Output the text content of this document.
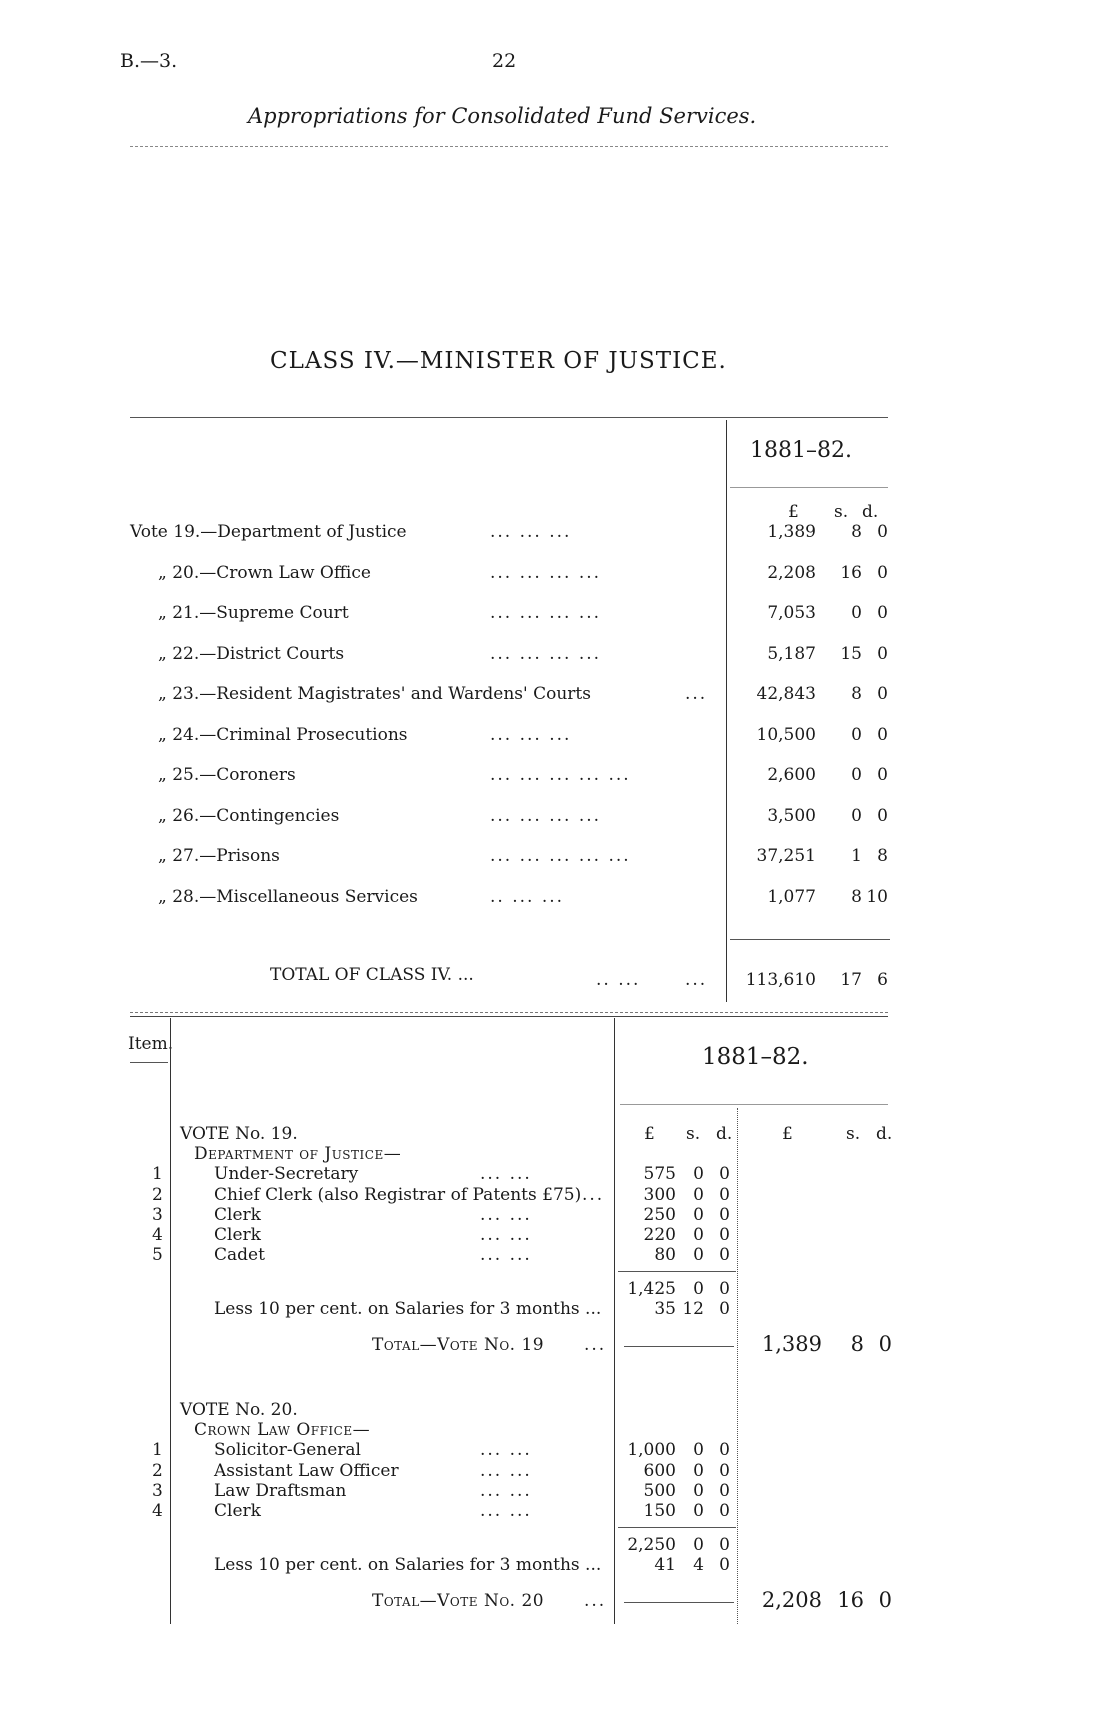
B.—3.	22
Appropriations for Consolidated Fund Services.
CLASS IV.—MINISTER OF JUSTICE.
1881–82.
£ s. d.
Vote 19.—Department of Justice	... ... ...	1,389 8 0
„ 20.—Crown Law Office	... ... ... ...	2,208 16 0
„ 21.—Supreme Court	... ... ... ...	7,053 0 0
„ 22.—District Courts	... ... ... ...	5,187 15 0
„ 23.—Resident Magistrates' and Wardens' Courts	...	42,843 8 0
„ 24.—Criminal Prosecutions	... ... ...	10,500 0 0
„ 25.—Coroners	... ... ... ... ...	2,600 0 0
„ 26.—Contingencies	... ... ... ...	3,500 0 0
„ 27.—Prisons	... ... ... ... ...	37,251 1 8
„ 28.—Miscellaneous Services	.. ... ...	1,077 8 10
TOTAL OF CLASS IV. ...	.. ...	... 113,610 17 6
Item.	1881–82.
£ s. d.	£	s. d.
VOTE No. 19.
Department of Justice—
1	Under-Secretary	... ...	575 0 0
2	Chief Clerk (also Registrar of Patents £75) ... 300 0 0
3	Clerk	... ...	250 0 0
4	Clerk	... ...	220 0 0
5	Cadet	... ...	80 0 0
1,425 0 0
Less 10 per cent. on Salaries for 3 months ...	35 12 0
Total—Vote No. 19 ...	1,389 8 0
VOTE No. 20.
Crown Law Office—
1	Solicitor-General	... ...	1,000 0 0
2	Assistant Law Officer	... ...	600 0 0
3	Law Draftsman	... ...	500 0 0
4	Clerk	... ...	150 0 0
2,250 0 0
Less 10 per cent. on Salaries for 3 months ...	41 4 0
Total—Vote No. 20 ...	2,208 16 0
